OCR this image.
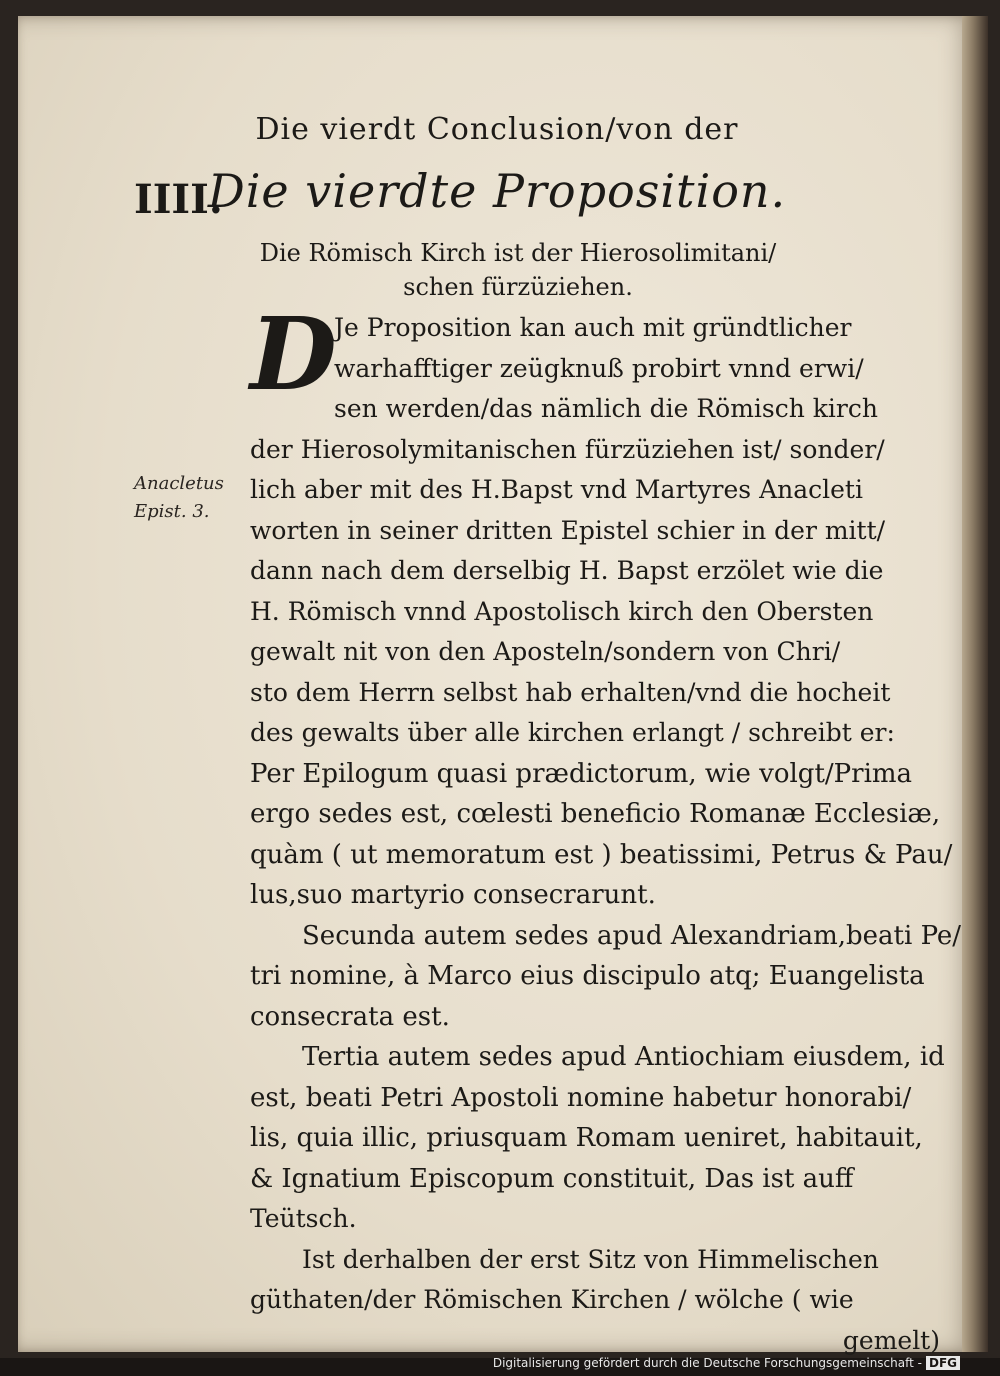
Die vierdt Conclusion/von der
IIII.
Die vierdte Proposition.
Die Römisch Kirch ist der Hierosolimitani/
schen fürzüziehen.
Anacletus
Epist. 3.
D
Je Proposition kan auch mit gründtlicher
warhafftiger zeügknuß probirt vnnd erwi/
sen werden/das nämlich die Römisch kirch
der Hierosolymitanischen fürzüziehen ist/ sonder/
lich aber mit des H.Bapst vnd Martyres Anacleti
worten in seiner dritten Epistel schier in der mitt/
dann nach dem derselbig H. Bapst erzölet wie die
H. Römisch vnnd Apostolisch kirch den Obersten
gewalt nit von den Aposteln/sondern von Chri/
sto dem Herrn selbst hab erhalten/vnd die hocheit
des gewalts über alle kirchen erlangt / schreibt er:
Per Epilogum quasi prædictorum, wie volgt/Prima
ergo sedes est, cœlesti beneficio Romanæ Ecclesiæ,
quàm ( ut memoratum est ) beatissimi, Petrus & Pau/
lus,suo martyrio consecrarunt.
Secunda autem sedes apud Alexandriam,beati Pe/
tri nomine, à Marco eius discipulo atq; Euangelista
consecrata est.
Tertia autem sedes apud Antiochiam eiusdem, id
est, beati Petri Apostoli nomine habetur honorabi/
lis, quia illic, priusquam Romam ueniret, habitauit,
& Ignatium Episcopum constituit, Das ist auff
Teütsch.
Ist derhalben der erst Sitz von Himmelischen
güthaten/der Römischen Kirchen / wölche ( wie
gemelt)
Digitalisierung gefördert durch die Deutsche Forschungsgemeinschaft - DFG
